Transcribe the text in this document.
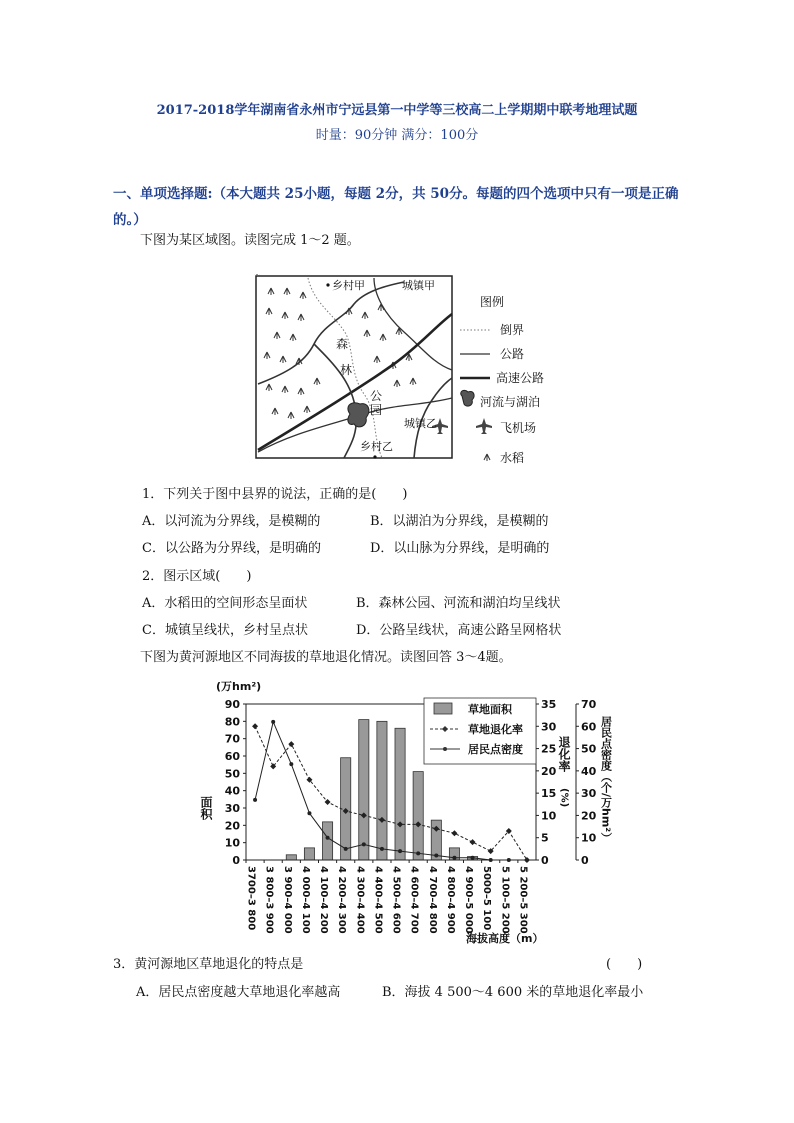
2017-2018学年湖南省永州市宁远县第一中学等三校高二上学期期中联考地理试题
时量：90分钟 满分：100分
一、单项选择题:（本大题共 25小题，每题 2分，共 50分。每题的四个选项中只有一项是正确的。）
下图为某区域图。读图完成 1～2 题。
乡村甲	城镇甲
森
林
公
园
城镇乙
乡村乙
图例
倒界
公路
高速公路
河流与湖泊
飞机场
水稻
1．下列关于图中县界的说法，正确的是(　　)
A．以河流为分界线，是模糊的	B．以湖泊为分界线，是模糊的
C．以公路为分界线，是明确的	D．以山脉为分界线，是明确的
2．图示区域(　　)
A．水稻田的空间形态呈面状	B．森林公园、河流和湖泊均呈线状
C．城镇呈线状，乡村呈点状	D．公路呈线状，高速公路呈网格状
下图为黄河源地区不同海拔的草地退化情况。读图回答 3～4题。
5 200–5 300
5 100–5 200
5000–5 100
4 900–5 000
4 800–4 900
4 700–4 800
4 600–4 700
4 500–4 600
4 400–4 500
4 300–4 400
4 200–4 300
4 100–4 200
4 000–4 100
3 900–4 000
3 800–3 900
3700–3 800
70
60
50
40
30
20
10
0
35
30
25
20
15
10
5
0
90
80
70
60
50
40
30
20
10
0
(万hm²)
面积
退化率
(%)	居民点密度（个/万hm²）
海拔高度（m）
草地面积
草地退化率
居民点密度
3．黄河源地区草地退化的特点是	(　　)
A．居民点密度越大草地退化率越高	B．海拔 4 500～4 600 米的草地退化率最小
